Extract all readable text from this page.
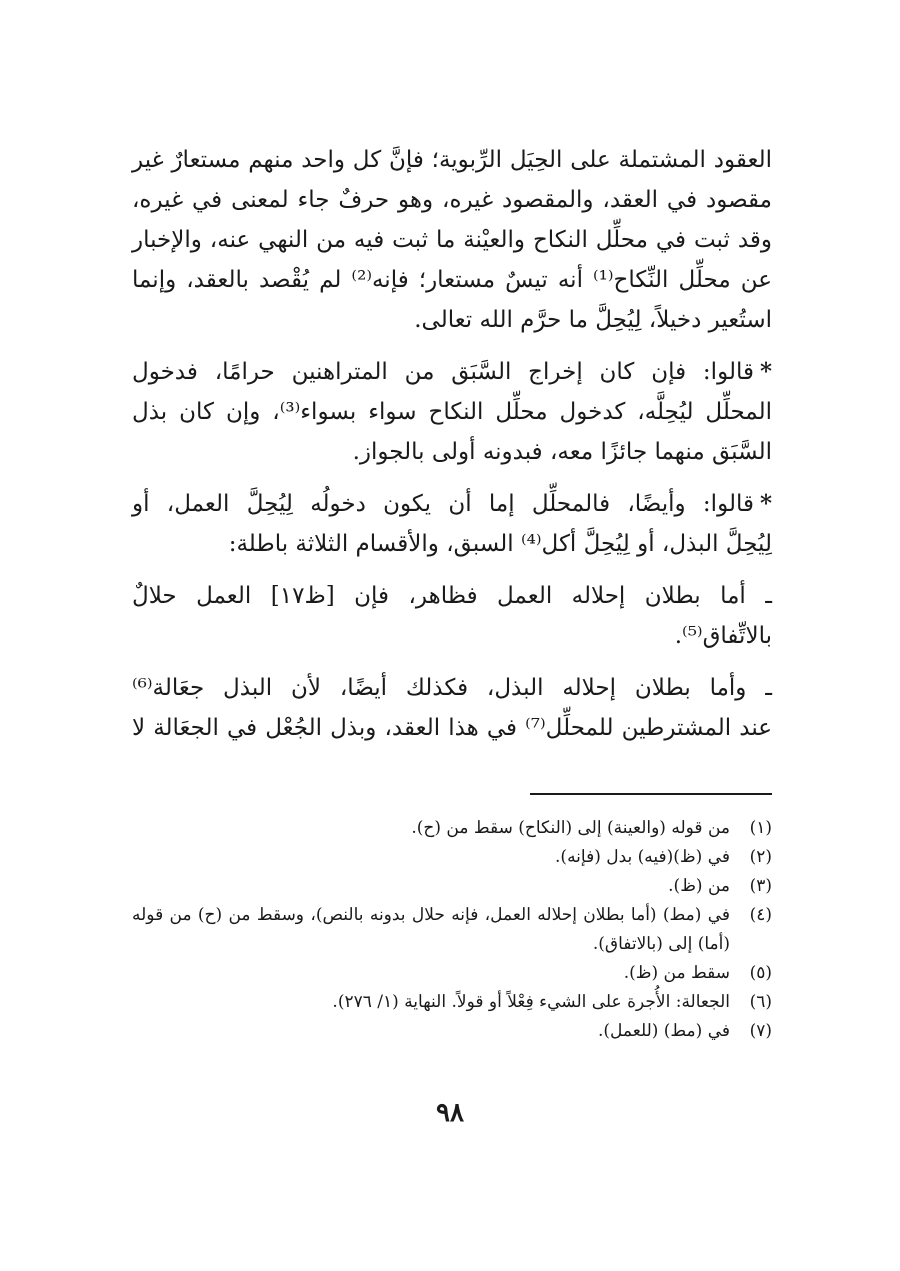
العقود المشتملة على الحِيَل الرِّبوية؛ فإنَّ كل واحد منهم مستعارٌ غير
مقصود في العقد، والمقصود غيره، وهو حرفٌ جاء لمعنى في غيره،
وقد ثبت في محلِّل النكاح والعيْنة ما ثبت فيه من النهي عنه، والإخبار
عن محلِّل النِّكاح⁽¹⁾ أنه تيسٌ مستعار؛ فإنه⁽²⁾ لم يُقْصد بالعقد، وإنما
استُعير دخيلاً، لِيُحِلَّ ما حرَّم الله تعالى.
*قالوا: فإن كان إخراج السَّبَق من المتراهنين حرامًا، فدخول
المحلِّل ليُحِلَّه، كدخول محلِّل النكاح سواء بسواء⁽³⁾، وإن كان بذل
السَّبَق منهما جائزًا معه، فبدونه أولى بالجواز.
*قالوا: وأيضًا، فالمحلِّل إما أن يكون دخولُه لِيُحِلَّ العمل، أو
لِيُحِلَّ البذل، أو لِيُحِلَّ أكل⁽⁴⁾ السبق، والأقسام الثلاثة باطلة:
ـ أما بطلان إحلاله العمل فظاهر، فإن [ظ١٧] العمل حلالٌ
بالاتِّفاق⁽⁵⁾.
ـ وأما بطلان إحلاله البذل، فكذلك أيضًا، لأن البذل جعَالة⁽⁶⁾
عند المشترطين للمحلِّل⁽⁷⁾ في هذا العقد، وبذل الجُعْل في الجعَالة لا
(١)
من قوله (والعينة) إلى (النكاح) سقط من (ح).
(٢)
في (ظ)(فيه) بدل (فإنه).
(٣)
من (ظ).
(٤)
في (مط) (أما بطلان إحلاله العمل، فإنه حلال بدونه بالنص)، وسقط من (ح) من قوله (أما) إلى (بالاتفاق).
(٥)
سقط من (ظ).
(٦)
الجعالة: الأُجرة على الشيء فِعْلاً أو قولاً. النهاية (١/ ٢٧٦).
(٧)
في (مط) (للعمل).
٩٨
